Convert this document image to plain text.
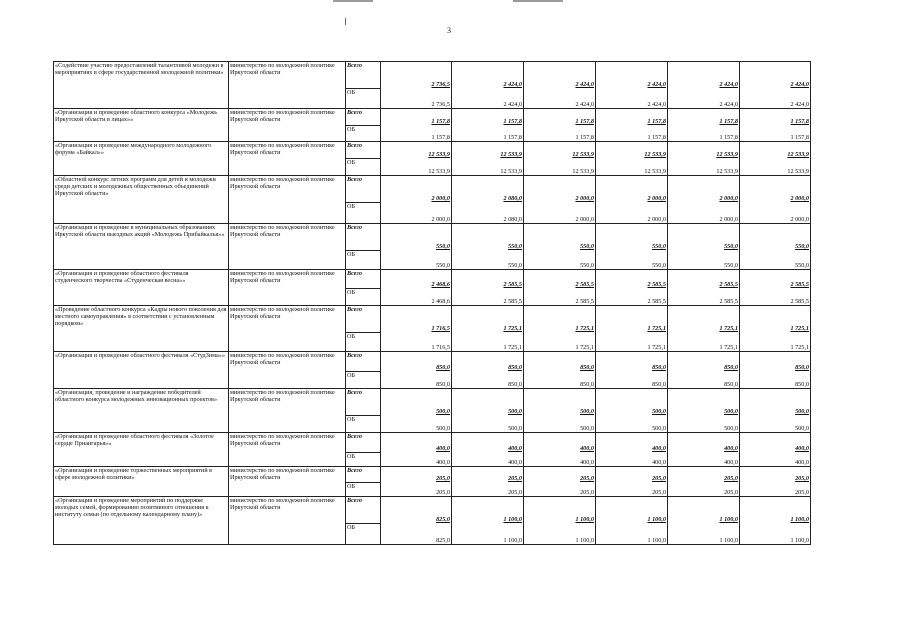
3
«Содействие участию предоставлений талантливой молодежи в мероприятиях в сфере государственной молодежной политики»	министерство по молодежной политике Иркутской области	Всего	2 736,5	2 424,0	2 424,0	2 424,0	2 424,0	2 424,0

		ОБ	2 736,5	2 424,0	2 424,0	2 424,0	2 424,0	2 424,0
«Организация и проведение областного конкурса «Молодежь Иркутской области в лицах»»	министерство по молодежной политике Иркутской области	Всего	1 157,8	1 157,8	1 157,8	1 157,8	1 157,8	1 157,8

		ОБ	1 157,8	1 157,8	1 157,8	1 157,8	1 157,8	1 157,8
«Организация и проведение международного молодежного форума «Байкал»»	министерство по молодежной политике Иркутской области	Всего	12 533,9	12 533,9	12 533,9	12 533,9	12 533,9	12 533,9

		ОБ	12 533,9	12 533,9	12 533,9	12 533,9	12 533,9	12 533,9
«Областной конкурс летних программ для детей и молодежи среди детских и молодежных общественных объединений Иркутской области»	министерство по молодежной политике Иркутской области	Всего	2 000,0	2 080,0	2 000,0	2 000,0	2 000,0	2 000,0

		ОБ	2 000,0	2 080,0	2 000,0	2 000,0	2 000,0	2 000,0
«Организация и проведение в муниципальных образованиях Иркутской области выездных акций «Молодежь Прибайкалья»»	министерство по молодежной политике Иркутской области	Всего	550,0	550,0	550,0	550,0	550,0	550,0

		ОБ	550,0	550,0	550,0	550,0	550,0	550,0
«Организация и проведение областного фестиваля студенческого творчества «Студенческая весна»»	министерство по молодежной политике Иркутской области	Всего	2 468,6	2 585,5	2 585,5	2 585,5	2 585,5	2 585,5

		ОБ	2 468,6	2 585,5	2 585,5	2 585,5	2 585,5	2 585,5
«Проведение областного конкурса «Кадры нового поколения для местного самоуправления» в соответствии с установленным порядком»	министерство по молодежной политике Иркутской области	Всего	1 716,5	1 725,1	1 725,1	1 725,1	1 725,1	1 725,1

		ОБ	1 716,5	1 725,1	1 725,1	1 725,1	1 725,1	1 725,1
«Организация и проведение областного фестиваля «СтудЗима»»	министерство по молодежной политике Иркутской области	Всего	850,0	850,0	850,0	850,0	850,0	850,0

		ОБ	850,0	850,0	850,0	850,0	850,0	850,0
«Организация, проведение и награждение победителей областного конкурса молодежных инновационных проектов»	министерство по молодежной политике Иркутской области	Всего	500,0	500,0	500,0	500,0	500,0	500,0

		ОБ	500,0	500,0	500,0	500,0	500,0	500,0
«Организация и проведение областного фестиваля «Золотое сердце Приангарья»»	министерство по молодежной политике Иркутской области	Всего	400,0	400,0	400,0	400,0	400,0	400,0

		ОБ	400,0	400,0	400,0	400,0	400,0	400,0
«Организация и проведение торжественных мероприятий в сфере молодежной политики»	министерство по молодежной политике Иркутской области	Всего	205,0	205,0	205,0	205,0	205,0	205,0

		ОБ	205,0	205,0	205,0	205,0	205,0	205,0
«Организация и проведение мероприятий по поддержке молодых семей, формированию позитивного отношения к институту семьи (по отдельному календарному плану)»	министерство по молодежной политике Иркутской области	Всего	825,0	1 100,0	1 100,0	1 100,0	1 100,0	1 100,0

		ОБ	825,0	1 100,0	1 100,0	1 100,0	1 100,0	1 100,0
